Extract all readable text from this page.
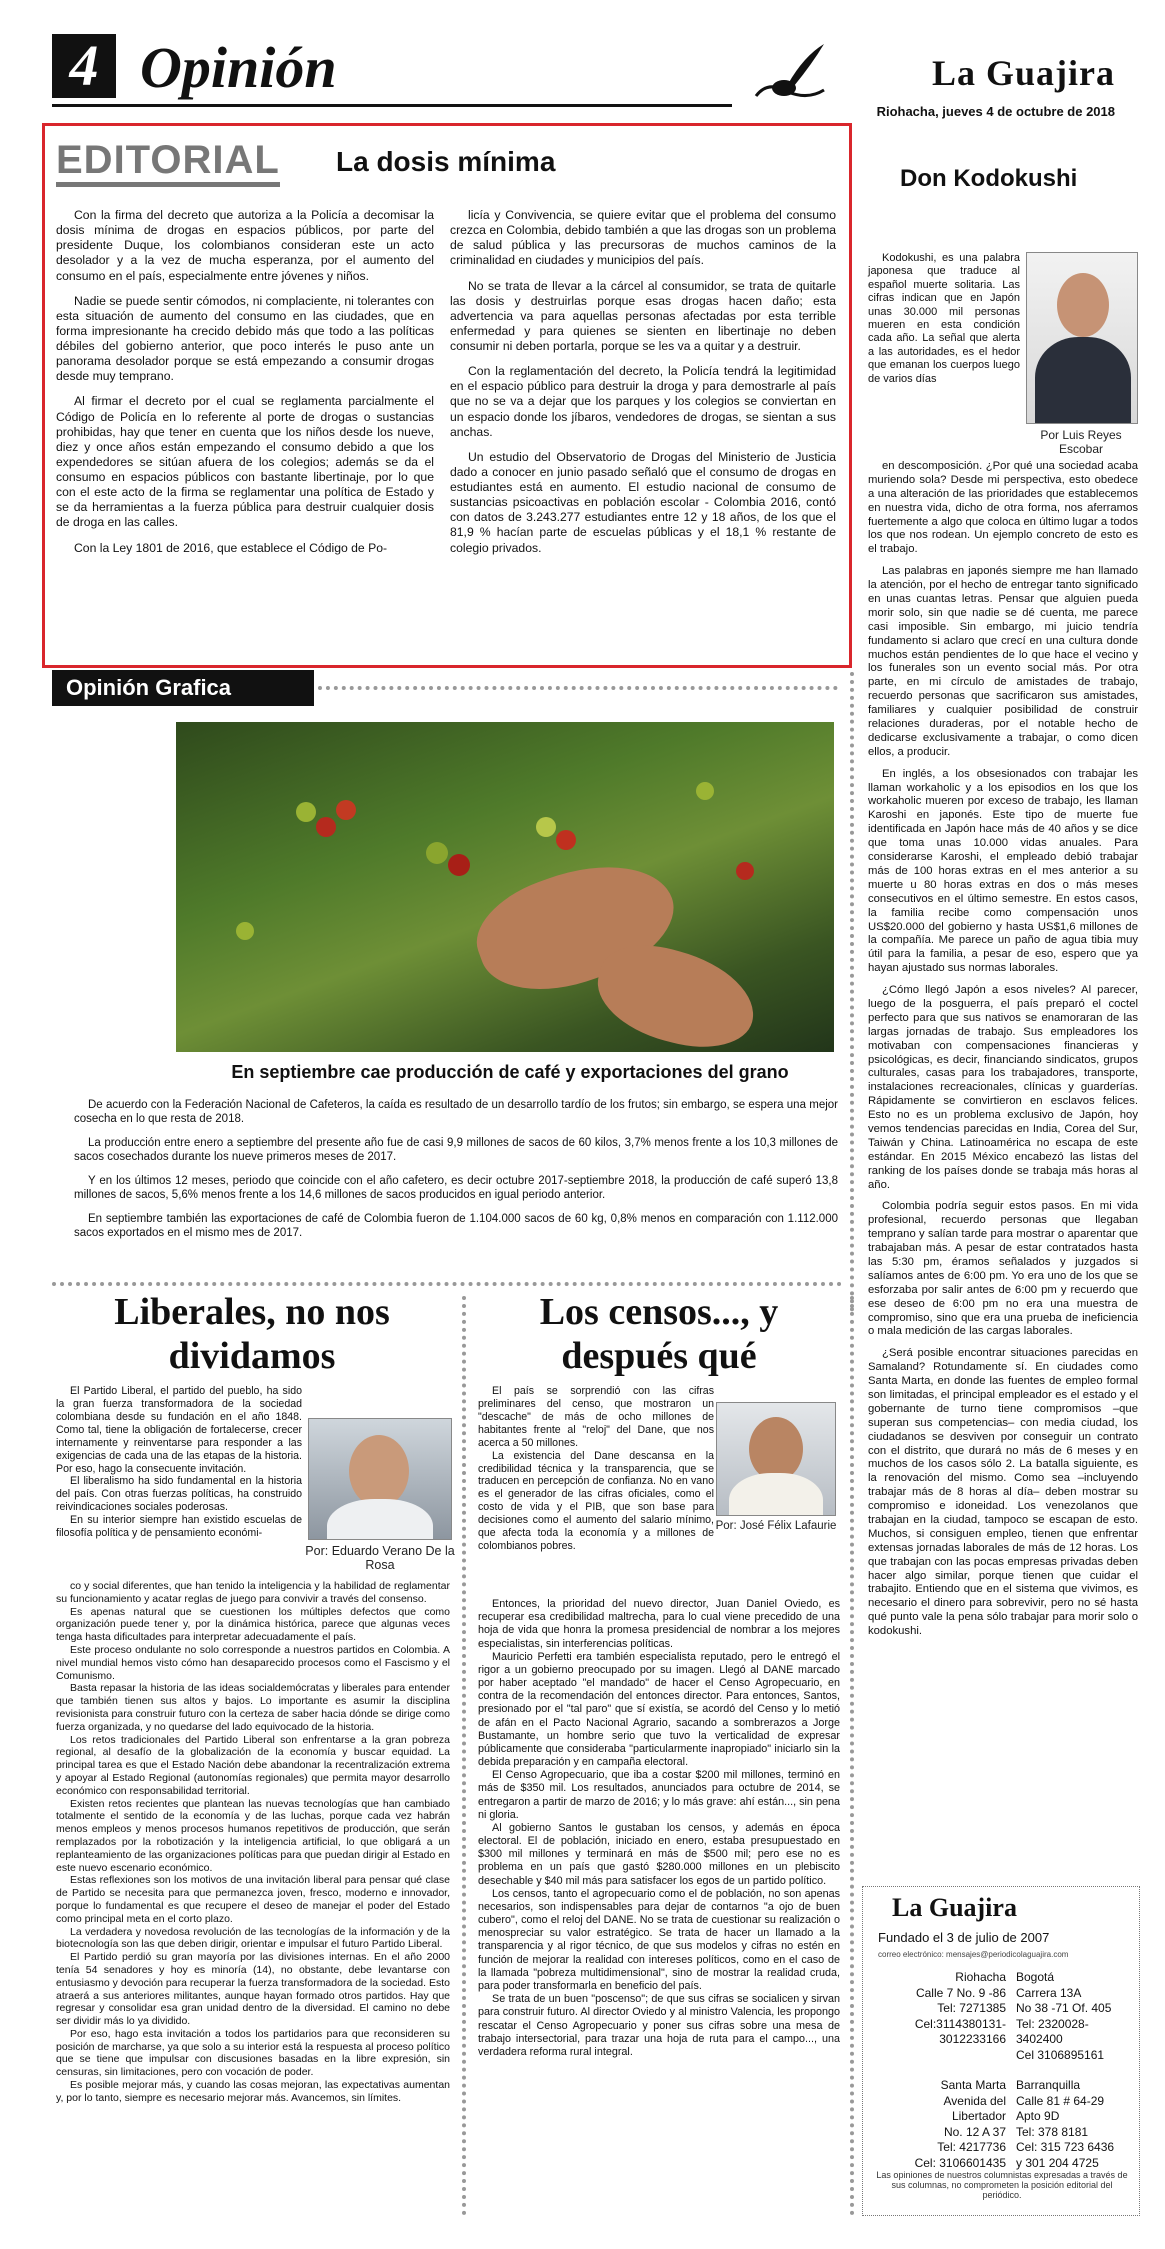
4 Opinión	La Guajira
Riohacha, jueves 4 de octubre de 2018
EDITORIAL La dosis mínima

Con la firma del decreto que autoriza a la Policía a decomisar la dosis mínima de drogas en espacios públicos, por parte del presidente Duque, los colombianos consideran este un acto desolador y a la vez de mucha esperanza, por el aumento del consumo en el país, especialmente entre jóvenes y niños.

Nadie se puede sentir cómodos, ni complaciente, ni tolerantes con esta situación de aumento del consumo en las ciudades, que en forma impresionante ha crecido debido más que todo a las políticas débiles del gobierno anterior, que poco interés le puso ante un panorama desolador porque se está empezando a consumir drogas desde muy temprano.

Al firmar el decreto por el cual se reglamenta parcialmente el Código de Policía en lo referente al porte de drogas o sustancias prohibidas, hay que tener en cuenta que los niños desde los nueve, diez y once años están empezando el consumo debido a que los expendedores se sitúan afuera de los colegios; además se da el consumo en espacios públicos con bastante libertinaje, por lo que con el este acto de la firma se reglamentar una política de Estado y se da herramientas a la fuerza pública para destruir cualquier dosis de droga en las calles.

Con la Ley 1801 de 2016, que establece el Código de Po-

licía y Convivencia, se quiere evitar que el problema del consumo crezca en Colombia, debido también a que las drogas son un problema de salud pública y las precursoras de muchos caminos de la criminalidad en ciudades y municipios del país.

No se trata de llevar a la cárcel al consumidor, se trata de quitarle las dosis y destruirlas porque esas drogas hacen daño; esta advertencia va para aquellas personas afectadas por esta terrible enfermedad y para quienes se sienten en libertinaje no deben consumir ni deben portarla, porque se les va a quitar y a destruir.

Con la reglamentación del decreto, la Policía tendrá la legitimidad en el espacio público para destruir la droga y para demostrarle al país que no se va a dejar que los parques y los colegios se conviertan en un espacio donde los jíbaros, vendedores de drogas, se sientan a sus anchas.

Un estudio del Observatorio de Drogas del Ministerio de Justicia dado a conocer en junio pasado señaló que el consumo de drogas en estudiantes está en aumento. El estudio nacional de consumo de sustancias psicoactivas en población escolar - Colombia 2016, contó con datos de 3.243.277 estudiantes entre 12 y 18 años, de los que el 81,9 % hacían parte de escuelas públicas y el 18,1 % restante de colegio privados.

Opinión Grafica
En septiembre cae producción de café y exportaciones del grano

De acuerdo con la Federación Nacional de Cafeteros, la caída es resultado de un desarrollo tardío de los frutos; sin embargo, se espera una mejor cosecha en lo que resta de 2018.

La producción entre enero a septiembre del presente año fue de casi 9,9 millones de sacos de 60 kilos, 3,7% menos frente a los 10,3 millones de sacos cosechados durante los nueve primeros meses de 2017.

Y en los últimos 12 meses, periodo que coincide con el año cafetero, es decir octubre 2017-septiembre 2018, la producción de café superó 13,8 millones de sacos, 5,6% menos frente a los 14,6 millones de sacos producidos en igual periodo anterior.

En septiembre también las exportaciones de café de Colombia fueron de 1.104.000 sacos de 60 kg, 0,8% menos en comparación con 1.112.000 sacos exportados en el mismo mes de 2017.

Liberales, no nos dividamos

El Partido Liberal, el partido del pueblo, ha sido la gran fuerza transformadora de la sociedad colombiana desde su fundación en el año 1848. Como tal, tiene la obligación de fortalecerse, crecer internamente y reinventarse para responder a las exigencias de cada una de las etapas de la historia. Por eso, hago la consecuente invitación.

El liberalismo ha sido fundamental en la historia del país. Con otras fuerzas políticas, ha construido reivindicaciones sociales poderosas.

En su interior siempre han existido escuelas de filosofía política y de pensamiento económi-

Por: Eduardo Verano De la Rosa

co y social diferentes, que han tenido la inteligencia y la habilidad de reglamentar su funcionamiento y acatar reglas de juego para convivir a través del consenso.

Es apenas natural que se cuestionen los múltiples defectos que como organización puede tener y, por la dinámica histórica, parece que algunas veces tenga hasta dificultades para interpretar adecuadamente el país.

Este proceso ondulante no solo corresponde a nuestros partidos en Colombia. A nivel mundial hemos visto cómo han desaparecido procesos como el Fascismo y el Comunismo.

Basta repasar la historia de las ideas socialdemócratas y liberales para entender que también tienen sus altos y bajos. Lo importante es asumir la disciplina revisionista para construir futuro con la certeza de saber hacia dónde se dirige como fuerza organizada, y no quedarse del lado equivocado de la historia.

Los retos tradicionales del Partido Liberal son enfrentarse a la gran pobreza regional, al desafío de la globalización de la economía y buscar equidad. La principal tarea es que el Estado Nación debe abandonar la recentralización extrema y apoyar al Estado Regional (autonomías regionales) que permita mayor desarrollo económico con responsabilidad territorial.

Existen retos recientes que plantean las nuevas tecnologías que han cambiado totalmente el sentido de la economía y de las luchas, porque cada vez habrán menos empleos y menos procesos humanos repetitivos de producción, que serán remplazados por la robotización y la inteligencia artificial, lo que obligará a un replanteamiento de las organizaciones políticas para que puedan dirigir al Estado en este nuevo escenario económico.

Estas reflexiones son los motivos de una invitación liberal para pensar qué clase de Partido se necesita para que permanezca joven, fresco, moderno e innovador, porque lo fundamental es que recupere el deseo de manejar el poder del Estado como principal meta en el corto plazo.

La verdadera y novedosa revolución de las tecnologías de la información y de la biotecnología son las que deben dirigir, orientar e impulsar el futuro Partido Liberal.

El Partido perdió su gran mayoría por las divisiones internas. En el año 2000 tenía 54 senadores y hoy es minoría (14), no obstante, debe levantarse con entusiasmo y devoción para recuperar la fuerza transformadora de la sociedad. Esto atraerá a sus anteriores militantes, aunque hayan formado otros partidos. Hay que regresar y consolidar esa gran unidad dentro de la diversidad. El camino no debe ser dividir más lo ya dividido.

Por eso, hago esta invitación a todos los partidarios para que reconsideren su posición de marcharse, ya que solo a su interior está la respuesta al proceso político que se tiene que impulsar con discusiones basadas en la libre expresión, sin censuras, sin limitaciones, pero con vocación de poder.

Es posible mejorar más, y cuando las cosas mejoran, las expectativas aumentan y, por lo tanto, siempre es necesario mejorar más. Avancemos, sin límites.

Los censos..., y después qué

El país se sorprendió con las cifras preliminares del censo, que mostraron un "descache" de más de ocho millones de habitantes frente al "reloj" del Dane, que nos acerca a 50 millones.

La existencia del Dane descansa en la credibilidad técnica y la transparencia, que se traducen en percepción de confianza. No en vano es el generador de las cifras oficiales, como el costo de vida y el PIB, que son base para decisiones como el aumento del salario mínimo, que afecta toda la economía y a millones de colombianos pobres.

Por: José Félix Lafaurie

Entonces, la prioridad del nuevo director, Juan Daniel Oviedo, es recuperar esa credibilidad maltrecha, para lo cual viene precedido de una hoja de vida que honra la promesa presidencial de nombrar a los mejores especialistas, sin interferencias políticas.

Mauricio Perfetti era también especialista reputado, pero le entregó el rigor a un gobierno preocupado por su imagen. Llegó al DANE marcado por haber aceptado "el mandado" de hacer el Censo Agropecuario, en contra de la recomendación del entonces director. Para entonces, Santos, presionado por el "tal paro" que sí existía, se acordó del Censo y lo metió de afán en el Pacto Nacional Agrario, sacando a sombrerazos a Jorge Bustamante, un hombre serio que tuvo la verticalidad de expresar públicamente que consideraba "particularmente inapropiado" iniciarlo sin la debida preparación y en campaña electoral.

El Censo Agropecuario, que iba a costar $200 mil millones, terminó en más de $350 mil. Los resultados, anunciados para octubre de 2014, se entregaron a partir de marzo de 2016; y lo más grave: ahí están..., sin pena ni gloria.

Al gobierno Santos le gustaban los censos, y además en época electoral. El de población, iniciado en enero, estaba presupuestado en $300 mil millones y terminará en más de $500 mil; pero ese no es problema en un país que gastó $280.000 millones en un plebiscito desechable y $40 mil más para satisfacer los egos de un partido político.

Los censos, tanto el agropecuario como el de población, no son apenas necesarios, son indispensables para dejar de contarnos "a ojo de buen cubero", como el reloj del DANE. No se trata de cuestionar su realización o menospreciar su valor estratégico. Se trata de hacer un llamado a la transparencia y al rigor técnico, de que sus modelos y cifras no estén en función de mejorar la realidad con intereses políticos, como en el caso de la llamada "pobreza multidimensional", sino de mostrar la realidad cruda, para poder transformarla en beneficio del país.

Se trata de un buen "poscenso"; de que sus cifras se socialicen y sirvan para construir futuro. Al director Oviedo y al ministro Valencia, les propongo rescatar el Censo Agropecuario y poner sus cifras sobre una mesa de trabajo intersectorial, para trazar una hoja de ruta para el campo..., una verdadera reforma rural integral.

Don Kodokushi

Kodokushi, es una palabra japonesa que traduce al español muerte solitaria. Las cifras indican que en Japón unas 30.000 mil personas mueren en esta condición cada año. La señal que alerta a las autoridades, es el hedor que emanan los cuerpos luego de varios días

Por Luis Reyes Escobar

en descomposición. ¿Por qué una sociedad acaba muriendo sola? Desde mi perspectiva, esto obedece a una alteración de las prioridades que establecemos en nuestra vida, dicho de otra forma, nos aferramos fuertemente a algo que coloca en último lugar a todos los que nos rodean. Un ejemplo concreto de esto es el trabajo.

Las palabras en japonés siempre me han llamado la atención, por el hecho de entregar tanto significado en unas cuantas letras. Pensar que alguien pueda morir solo, sin que nadie se dé cuenta, me parece casi imposible. Sin embargo, mi juicio tendría fundamento si aclaro que crecí en una cultura donde muchos están pendientes de lo que hace el vecino y los funerales son un evento social más. Por otra parte, en mi círculo de amistades de trabajo, recuerdo personas que sacrificaron sus amistades, familiares y cualquier posibilidad de construir relaciones duraderas, por el notable hecho de dedicarse exclusivamente a trabajar, o como dicen ellos, a producir.

En inglés, a los obsesionados con trabajar les llaman workaholic y a los episodios en los que los workaholic mueren por exceso de trabajo, les llaman Karoshi en japonés. Este tipo de muerte fue identificada en Japón hace más de 40 años y se dice que toma unas 10.000 vidas anuales. Para considerarse Karoshi, el empleado debió trabajar más de 100 horas extras en el mes anterior a su muerte u 80 horas extras en dos o más meses consecutivos en el último semestre. En estos casos, la familia recibe como compensación unos US$20.000 del gobierno y hasta US$1,6 millones de la compañía. Me parece un paño de agua tibia muy útil para la familia, a pesar de eso, espero que ya hayan ajustado sus normas laborales.

¿Cómo llegó Japón a esos niveles? Al parecer, luego de la posguerra, el país preparó el coctel perfecto para que sus nativos se enamoraran de las largas jornadas de trabajo. Sus empleadores los motivaban con compensaciones financieras y psicológicas, es decir, financiando sindicatos, grupos culturales, casas para los trabajadores, transporte, instalaciones recreacionales, clínicas y guarderías. Rápidamente se convirtieron en esclavos felices. Esto no es un problema exclusivo de Japón, hoy vemos tendencias parecidas en India, Corea del Sur, Taiwán y China. Latinoamérica no escapa de este estándar. En 2015 México encabezó las listas del ranking de los países donde se trabaja más horas al año.

Colombia podría seguir estos pasos. En mi vida profesional, recuerdo personas que llegaban temprano y salían tarde para mostrar o aparentar que trabajaban más. A pesar de estar contratados hasta las 5:30 pm, éramos señalados y juzgados si salíamos antes de 6:00 pm. Yo era uno de los que se esforzaba por salir antes de 6:00 pm y recuerdo que ese deseo de 6:00 pm no era una muestra de compromiso, sino que era una prueba de ineficiencia o mala medición de las cargas laborales.

¿Será posible encontrar situaciones parecidas en Samaland? Rotundamente sí. En ciudades como Santa Marta, en donde las fuentes de empleo formal son limitadas, el principal empleador es el estado y el gobernante de turno tiene compromisos –que superan sus competencias– con media ciudad, los ciudadanos se desviven por conseguir un contrato con el distrito, que durará no más de 6 meses y en muchos de los casos sólo 2. La batalla siguiente, es la renovación del mismo. Como sea –incluyendo trabajar más de 8 horas al día– deben mostrar su compromiso e idoneidad. Los venezolanos que trabajan en la ciudad, tampoco se escapan de esto. Muchos, si consiguen empleo, tienen que enfrentar extensas jornadas laborales de más de 12 horas. Los que trabajan con las pocas empresas privadas deben hacer algo similar, porque tienen que cuidar el trabajito. Entiendo que en el sistema que vivimos, es necesario el dinero para sobrevivir, pero no sé hasta qué punto vale la pena sólo trabajar para morir solo o kodokushi.

La Guajira
Fundado el 3 de julio de 2007
correo electrónico: mensajes@periodicolaguajira.com
Riohacha
Calle 7 No. 9 -86
Tel: 7271385
Cel:3114380131-
3012233166
Bogotá
Carrera 13A
No 38 -71 Of. 405
Tel: 2320028-
3402400
Cel 3106895161
Santa Marta
Avenida del
Libertador
No. 12 A 37
Tel: 4217736
Cel: 3106601435
Barranquilla
Calle 81 # 64-29
Apto 9D
Tel: 378 8181
Cel: 315 723 6436
y 301 204 4725
Las opiniones de nuestros columnistas expresadas a través de sus columnas, no comprometen la posición editorial del periódico.
